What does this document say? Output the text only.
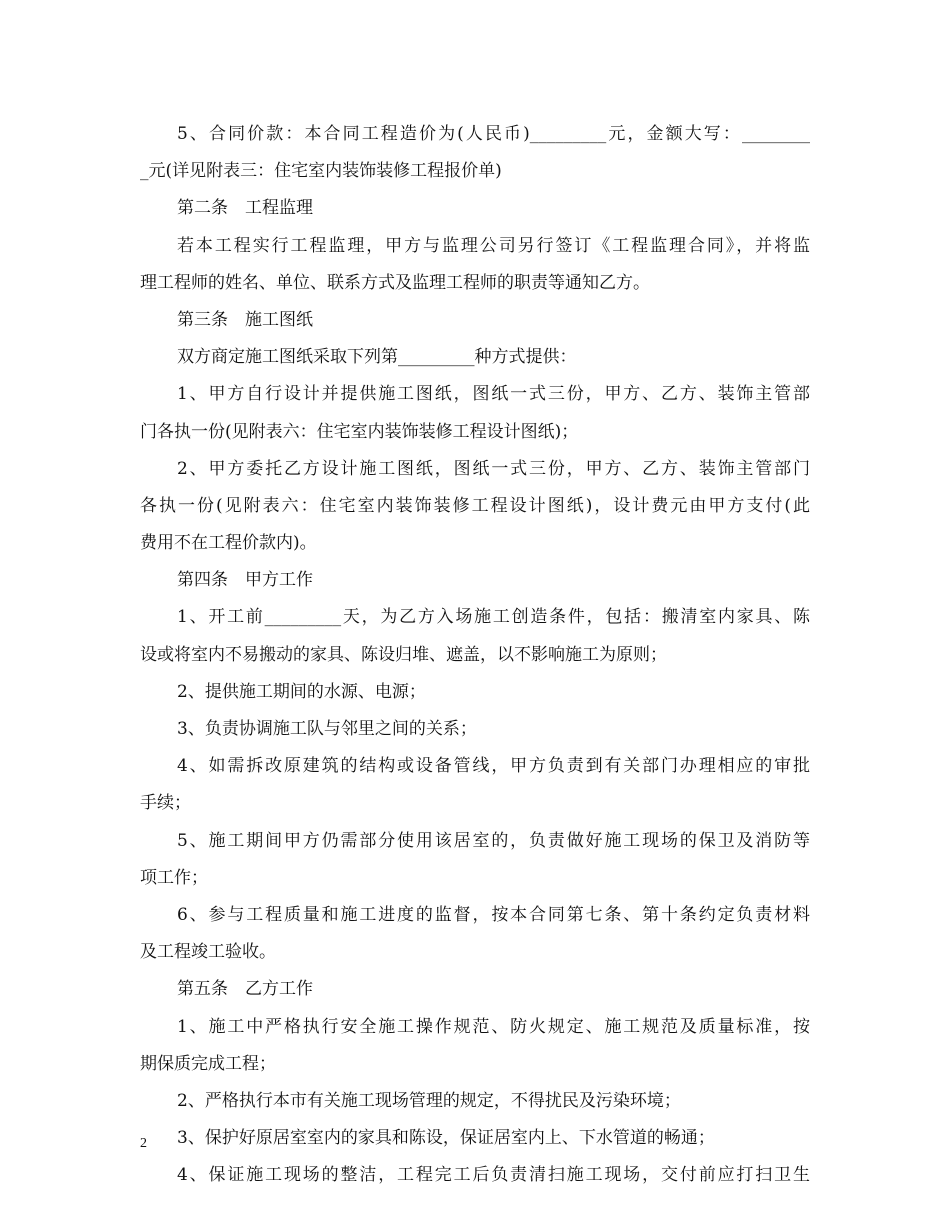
5、合同价款：本合同工程造价为(人民币)_________元，金额大写：________
_元(详见附表三：住宅室内装饰装修工程报价单)
第二条　工程监理
若本工程实行工程监理，甲方与监理公司另行签订《工程监理合同》，并将监
理工程师的姓名、单位、联系方式及监理工程师的职责等通知乙方。
第三条　施工图纸
双方商定施工图纸采取下列第_________种方式提供：
1、甲方自行设计并提供施工图纸，图纸一式三份，甲方、乙方、装饰主管部
门各执一份(见附表六：住宅室内装饰装修工程设计图纸)；
2、甲方委托乙方设计施工图纸，图纸一式三份，甲方、乙方、装饰主管部门
各执一份(见附表六：住宅室内装饰装修工程设计图纸)，设计费元由甲方支付(此
费用不在工程价款内)。
第四条　甲方工作
1、开工前_________天，为乙方入场施工创造条件，包括：搬清室内家具、陈
设或将室内不易搬动的家具、陈设归堆、遮盖，以不影响施工为原则；
2、提供施工期间的水源、电源；
3、负责协调施工队与邻里之间的关系；
4、如需拆改原建筑的结构或设备管线，甲方负责到有关部门办理相应的审批
手续；
5、施工期间甲方仍需部分使用该居室的，负责做好施工现场的保卫及消防等
项工作；
6、参与工程质量和施工进度的监督，按本合同第七条、第十条约定负责材料
及工程竣工验收。
第五条　乙方工作
1、施工中严格执行安全施工操作规范、防火规定、施工规范及质量标准，按
期保质完成工程；
2、严格执行本市有关施工现场管理的规定，不得扰民及污染环境；
3、保护好原居室室内的家具和陈设，保证居室内上、下水管道的畅通；
4、保证施工现场的整洁，工程完工后负责清扫施工现场，交付前应打扫卫生
2
